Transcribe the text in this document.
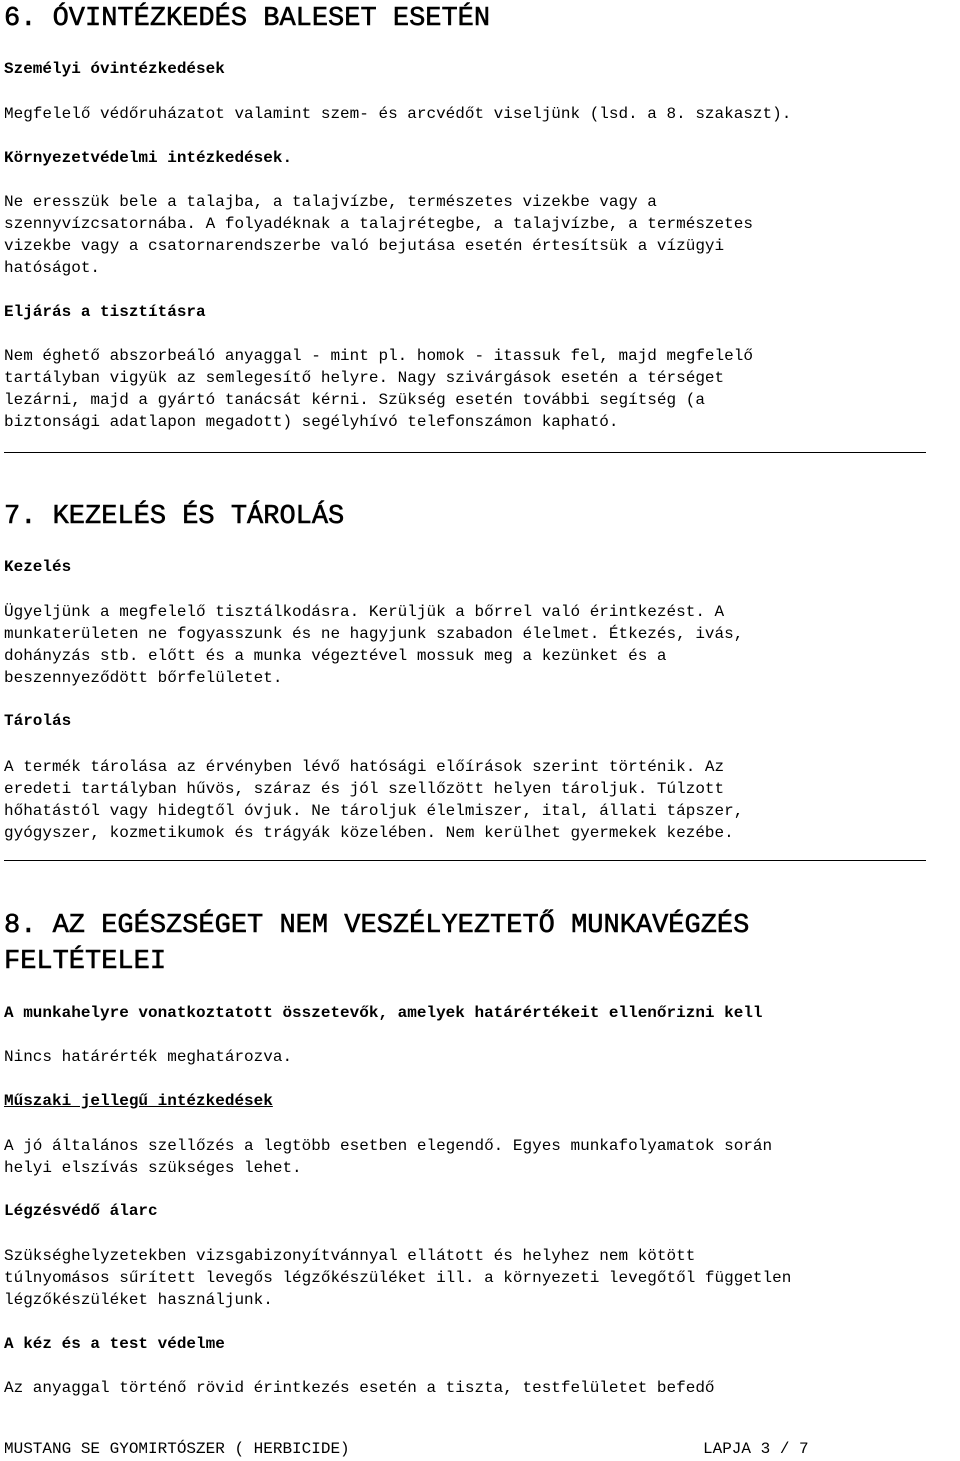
6. ÓVINTÉZKEDÉS BALESET ESETÉN
Személyi óvintézkedések
Megfelelő védőruházatot valamint szem- és arcvédőt viseljünk (lsd. a 8. szakaszt).
Környezetvédelmi intézkedések.
Ne eresszük bele a talajba, a talajvízbe, természetes vizekbe vagy a
szennyvízcsatornába. A folyadéknak a talajrétegbe, a talajvízbe, a természetes
vizekbe vagy a csatornarendszerbe való bejutása esetén értesítsük a vízügyi
hatóságot.
Eljárás a tisztításra
Nem éghető abszorbeáló anyaggal - mint pl. homok - itassuk fel, majd megfelelő
tartályban vigyük az semlegesítő helyre. Nagy szivárgások esetén a térséget
lezárni, majd a gyártó tanácsát kérni. Szükség esetén további segítség (a
biztonsági adatlapon megadott) segélyhívó telefonszámon kapható.
7. KEZELÉS ÉS TÁROLÁS
Kezelés
Ügyeljünk a megfelelő tisztálkodásra. Kerüljük a bőrrel való érintkezést. A
munkaterületen ne fogyasszunk és ne hagyjunk szabadon élelmet. Étkezés, ivás,
dohányzás stb. előtt és a munka végeztével mossuk meg a kezünket és a
beszennyeződött bőrfelületet.
Tárolás
A termék tárolása az érvényben lévő hatósági előírások szerint történik. Az
eredeti tartályban hűvös, száraz és jól szellőzött helyen tároljuk. Túlzott
hőhatástól vagy hidegtől óvjuk. Ne tároljuk élelmiszer, ital, állati tápszer,
gyógyszer, kozmetikumok és trágyák közelében. Nem kerülhet gyermekek kezébe.
8. AZ EGÉSZSÉGET NEM VESZÉLYEZTETŐ MUNKAVÉGZÉS
FELTÉTELEI
A munkahelyre vonatkoztatott összetevők, amelyek határértékeit ellenőrizni kell
Nincs határérték meghatározva.
Műszaki jellegű intézkedések
A jó általános szellőzés a legtöbb esetben elegendő. Egyes munkafolyamatok során
helyi elszívás szükséges lehet.
Légzésvédő álarc
Szükséghelyzetekben vizsgabizonyítvánnyal ellátott és helyhez nem kötött
túlnyomásos sűrített levegős légzőkészüléket ill. a környezeti levegőtől független
légzőkészüléket használjunk.
A kéz és a test védelme
Az anyaggal történő rövid érintkezés esetén a tiszta, testfelületet befedő
MUSTANG SE GYOMIRTÓSZER ( HERBICIDE)	LAPJA 3 / 7
